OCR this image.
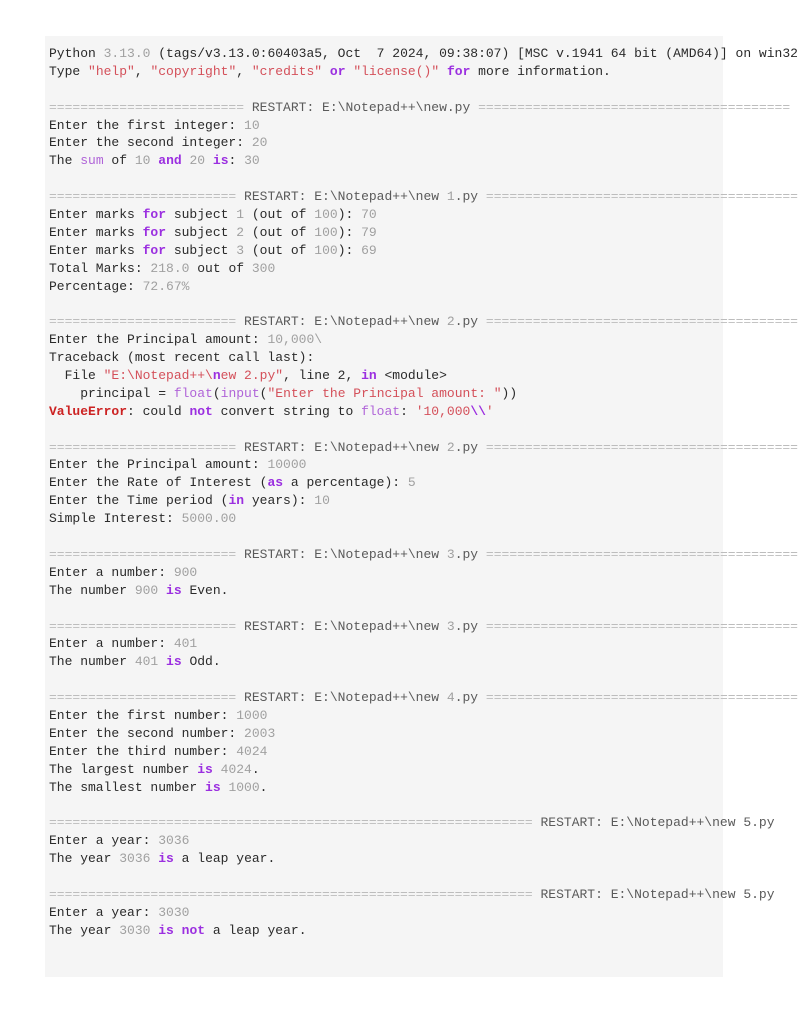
Python 3.13.0 (tags/v3.13.0:60403a5, Oct  7 2024, 09:38:07) [MSC v.1941 64 bit (AMD64)] on win32
Type "help", "copyright", "credits" or "license()" for more information.

========================= RESTART: E:\Notepad++\new.py ========================================
Enter the first integer: 10
Enter the second integer: 20
The sum of 10 and 20 is: 30

======================== RESTART: E:\Notepad++\new 1.py ========================================
Enter marks for subject 1 (out of 100): 70
Enter marks for subject 2 (out of 100): 79
Enter marks for subject 3 (out of 100): 69
Total Marks: 218.0 out of 300
Percentage: 72.67%

======================== RESTART: E:\Notepad++\new 2.py ========================================
Enter the Principal amount: 10,000\
Traceback (most recent call last):
File "E:\Notepad++\new 2.py", line 2, in <module>
principal = float(input("Enter the Principal amount: "))
ValueError: could not convert string to float: '10,000\\'

======================== RESTART: E:\Notepad++\new 2.py ========================================
Enter the Principal amount: 10000
Enter the Rate of Interest (as a percentage): 5
Enter the Time period (in years): 10
Simple Interest: 5000.00

======================== RESTART: E:\Notepad++\new 3.py ========================================
Enter a number: 900
The number 900 is Even.

======================== RESTART: E:\Notepad++\new 3.py ========================================
Enter a number: 401
The number 401 is Odd.

======================== RESTART: E:\Notepad++\new 4.py ========================================
Enter the first number: 1000
Enter the second number: 2003
Enter the third number: 4024
The largest number is 4024.
The smallest number is 1000.

============================================================== RESTART: E:\Notepad++\new 5.py
Enter a year: 3036
The year 3036 is a leap year.

============================================================== RESTART: E:\Notepad++\new 5.py
Enter a year: 3030
The year 3030 is not a leap year.
